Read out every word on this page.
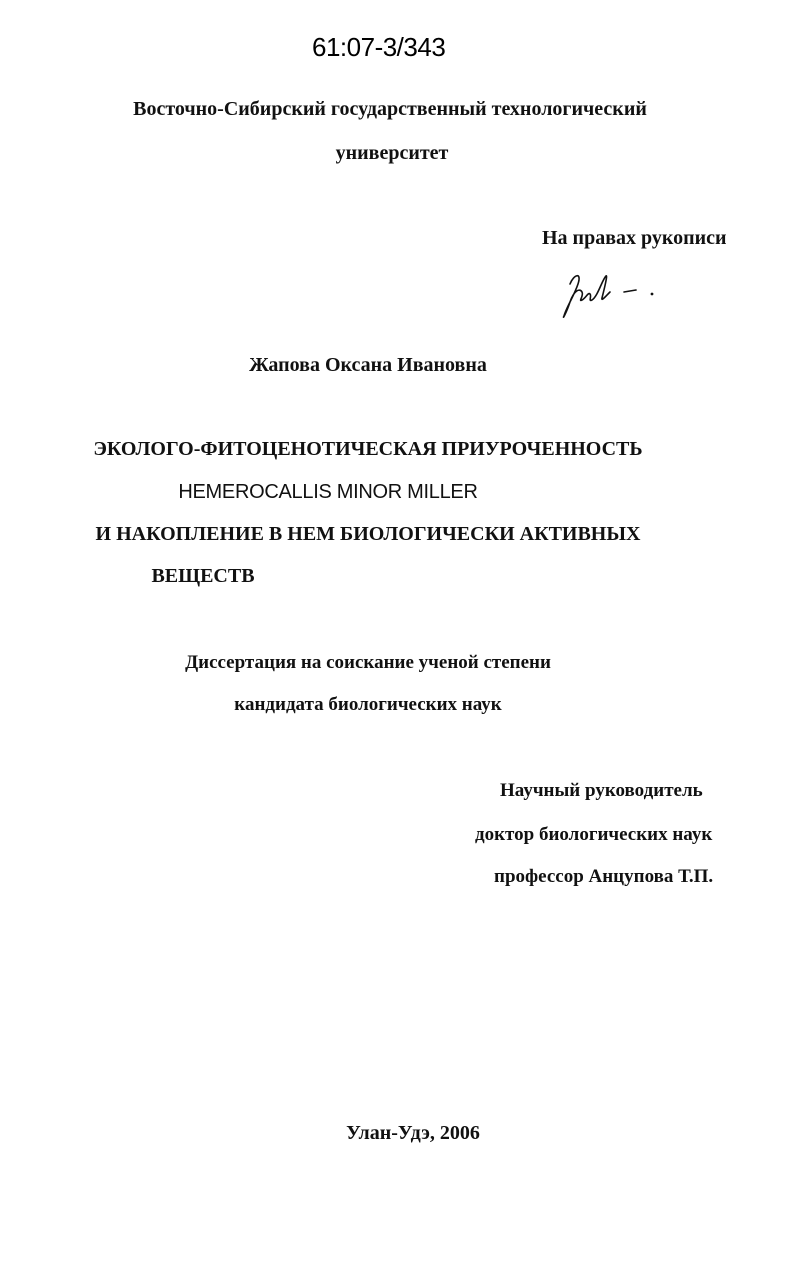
61:07-3/343
Восточно-Сибирский государственный технологический
университет
На правах рукописи
Жапова Оксана Ивановна
ЭКОЛОГО-ФИТОЦЕНОТИЧЕСКАЯ ПРИУРОЧЕННОСТЬ
HEMEROCALLIS MINOR MILLER
И НАКОПЛЕНИЕ В НЕМ БИОЛОГИЧЕСКИ АКТИВНЫХ
ВЕЩЕСТВ
Диссертация на соискание ученой степени
кандидата биологических наук
Научный руководитель
доктор биологических наук
профессор Анцупова Т.П.
Улан-Удэ, 2006
